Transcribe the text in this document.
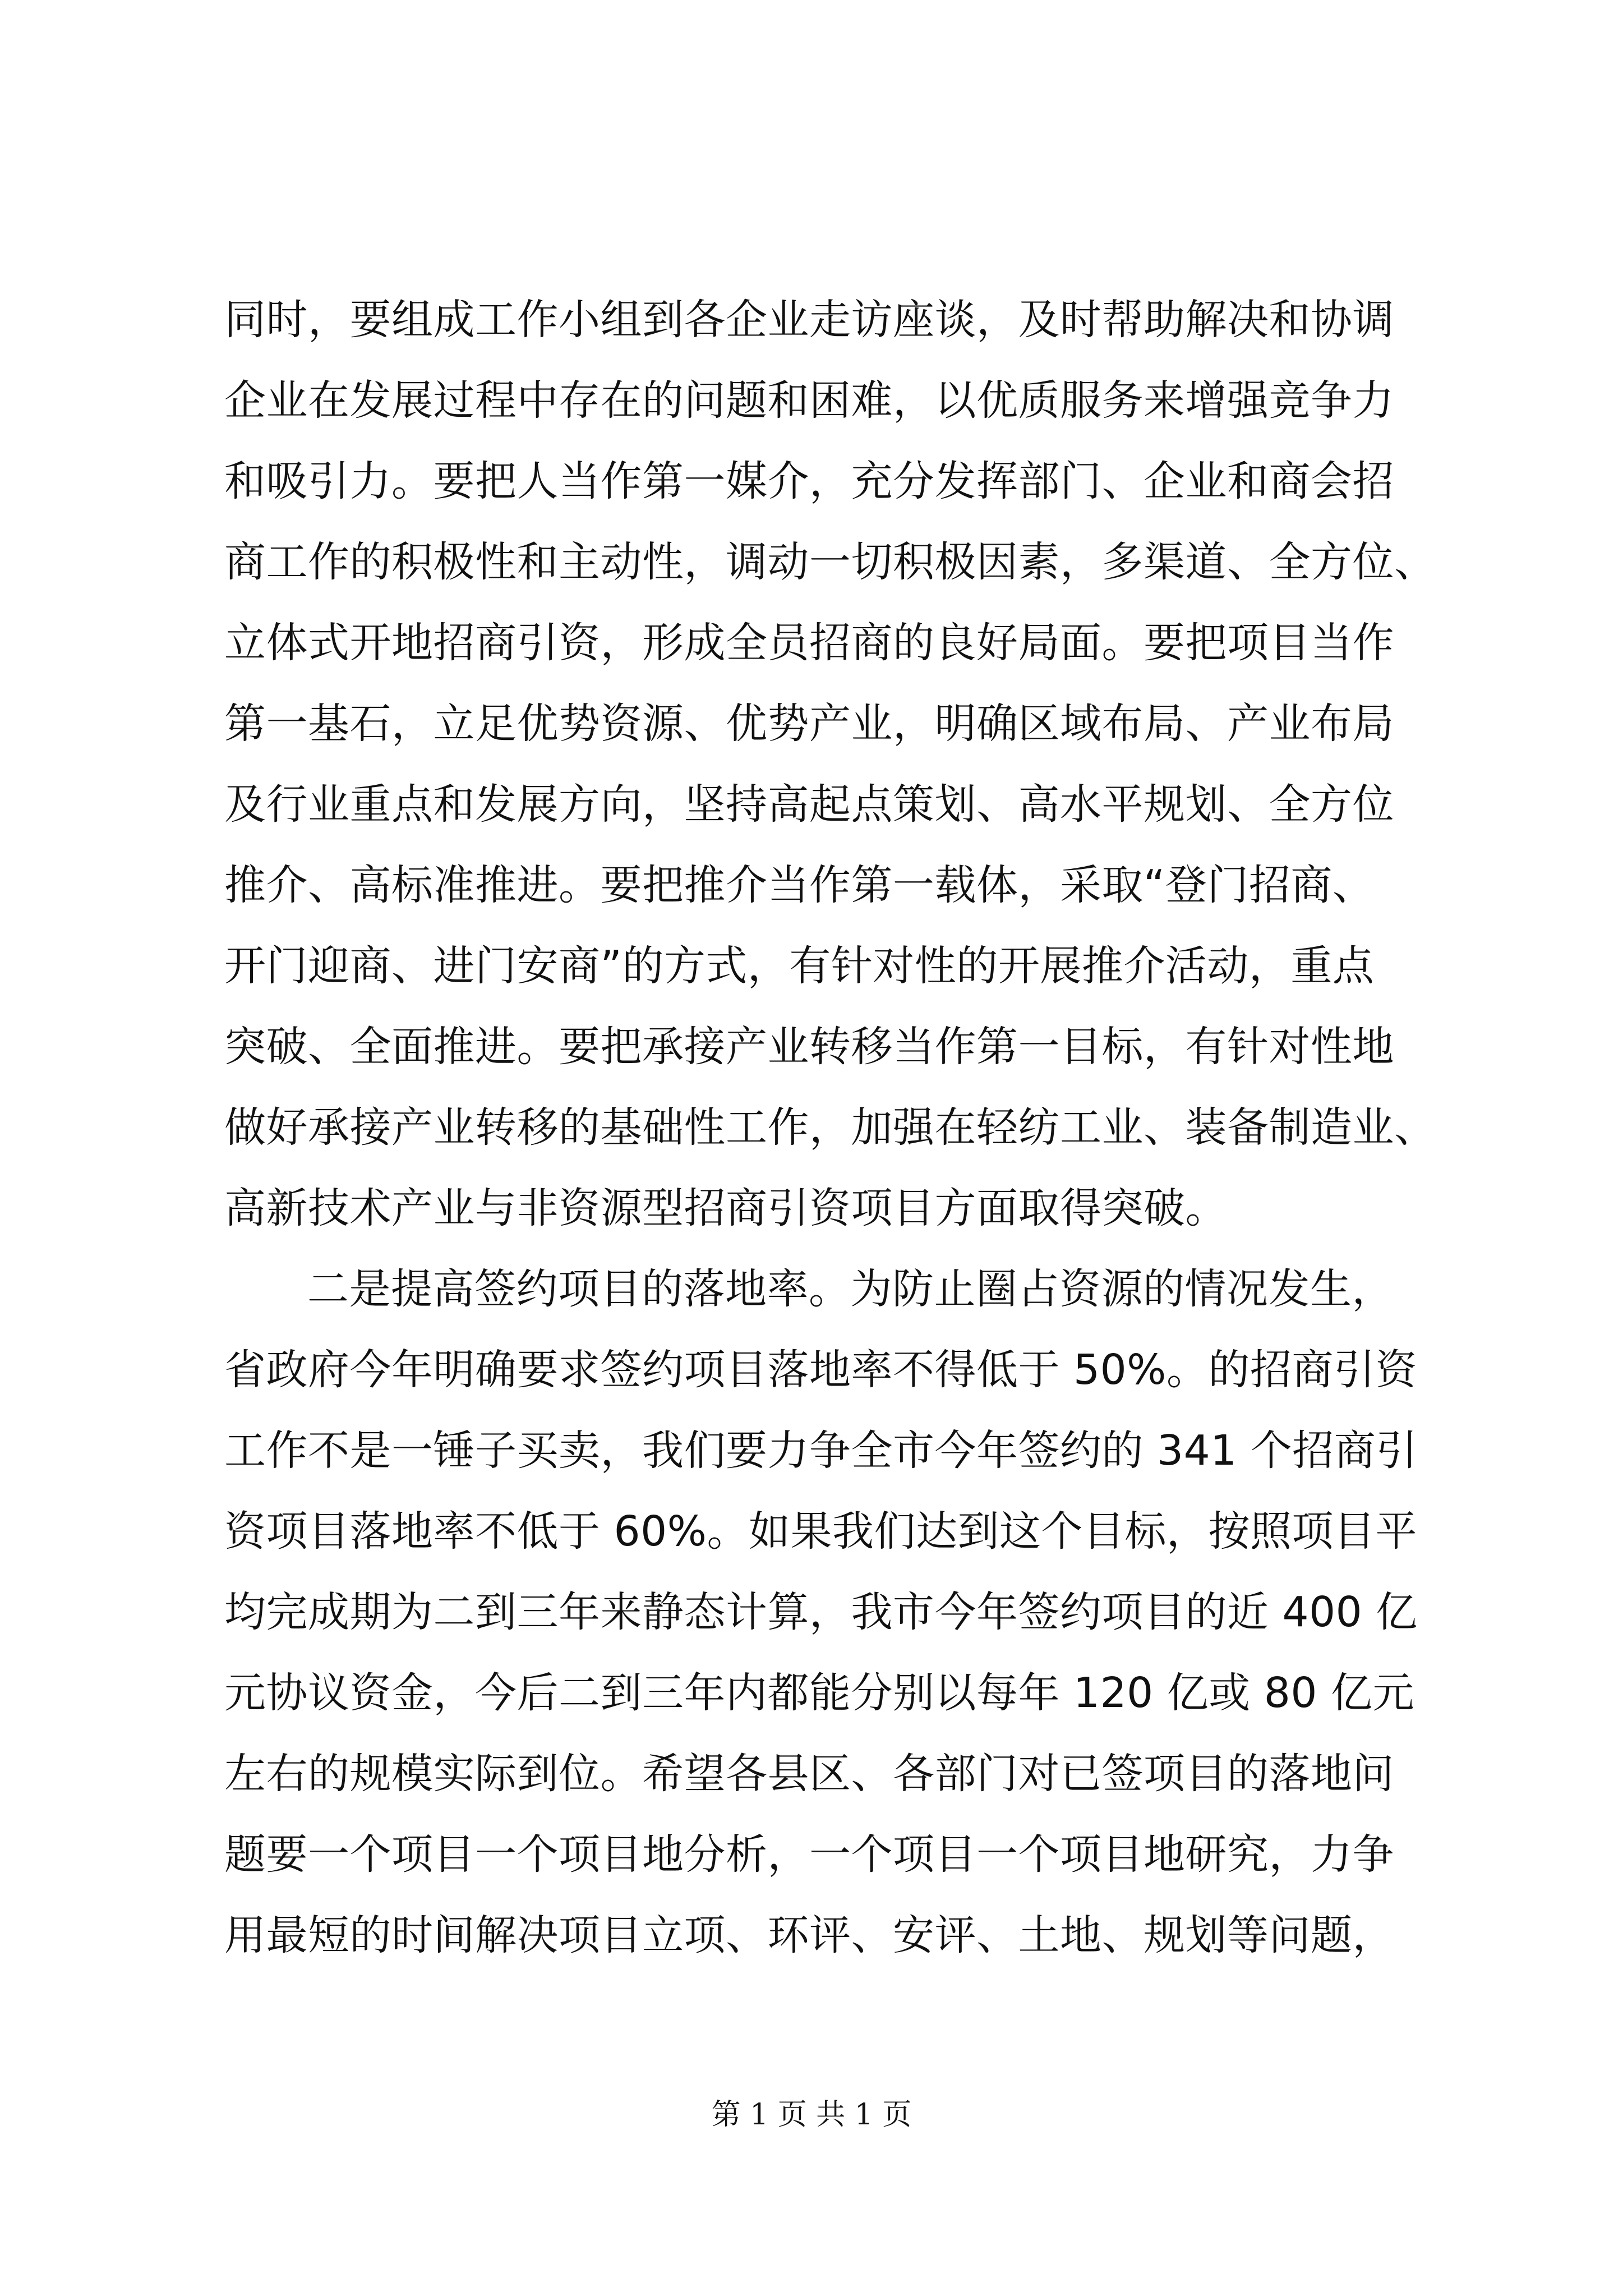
同时，要组成工作小组到各企业走访座谈，及时帮助解决和协调
企业在发展过程中存在的问题和困难，以优质服务来增强竞争力
和吸引力。要把人当作第一媒介，充分发挥部门、企业和商会招
商工作的积极性和主动性，调动一切积极因素，多渠道、全方位、
立体式开地招商引资，形成全员招商的良好局面。要把项目当作
第一基石，立足优势资源、优势产业，明确区域布局、产业布局
及行业重点和发展方向，坚持高起点策划、高水平规划、全方位
推介、高标准推进。要把推介当作第一载体，采取“登门招商、
开门迎商、进门安商”的方式，有针对性的开展推介活动，重点
突破、全面推进。要把承接产业转移当作第一目标，有针对性地
做好承接产业转移的基础性工作，加强在轻纺工业、装备制造业、
高新技术产业与非资源型招商引资项目方面取得突破。
二是提高签约项目的落地率。为防止圈占资源的情况发生，
省政府今年明确要求签约项目落地率不得低于 50%。的招商引资
工作不是一锤子买卖，我们要力争全市今年签约的 341 个招商引
资项目落地率不低于 60%。如果我们达到这个目标，按照项目平
均完成期为二到三年来静态计算，我市今年签约项目的近 400 亿
元协议资金，今后二到三年内都能分别以每年 120 亿或 80 亿元
左右的规模实际到位。希望各县区、各部门对已签项目的落地问
题要一个项目一个项目地分析，一个项目一个项目地研究，力争
用最短的时间解决项目立项、环评、安评、土地、规划等问题，
第 1 页 共 1 页
